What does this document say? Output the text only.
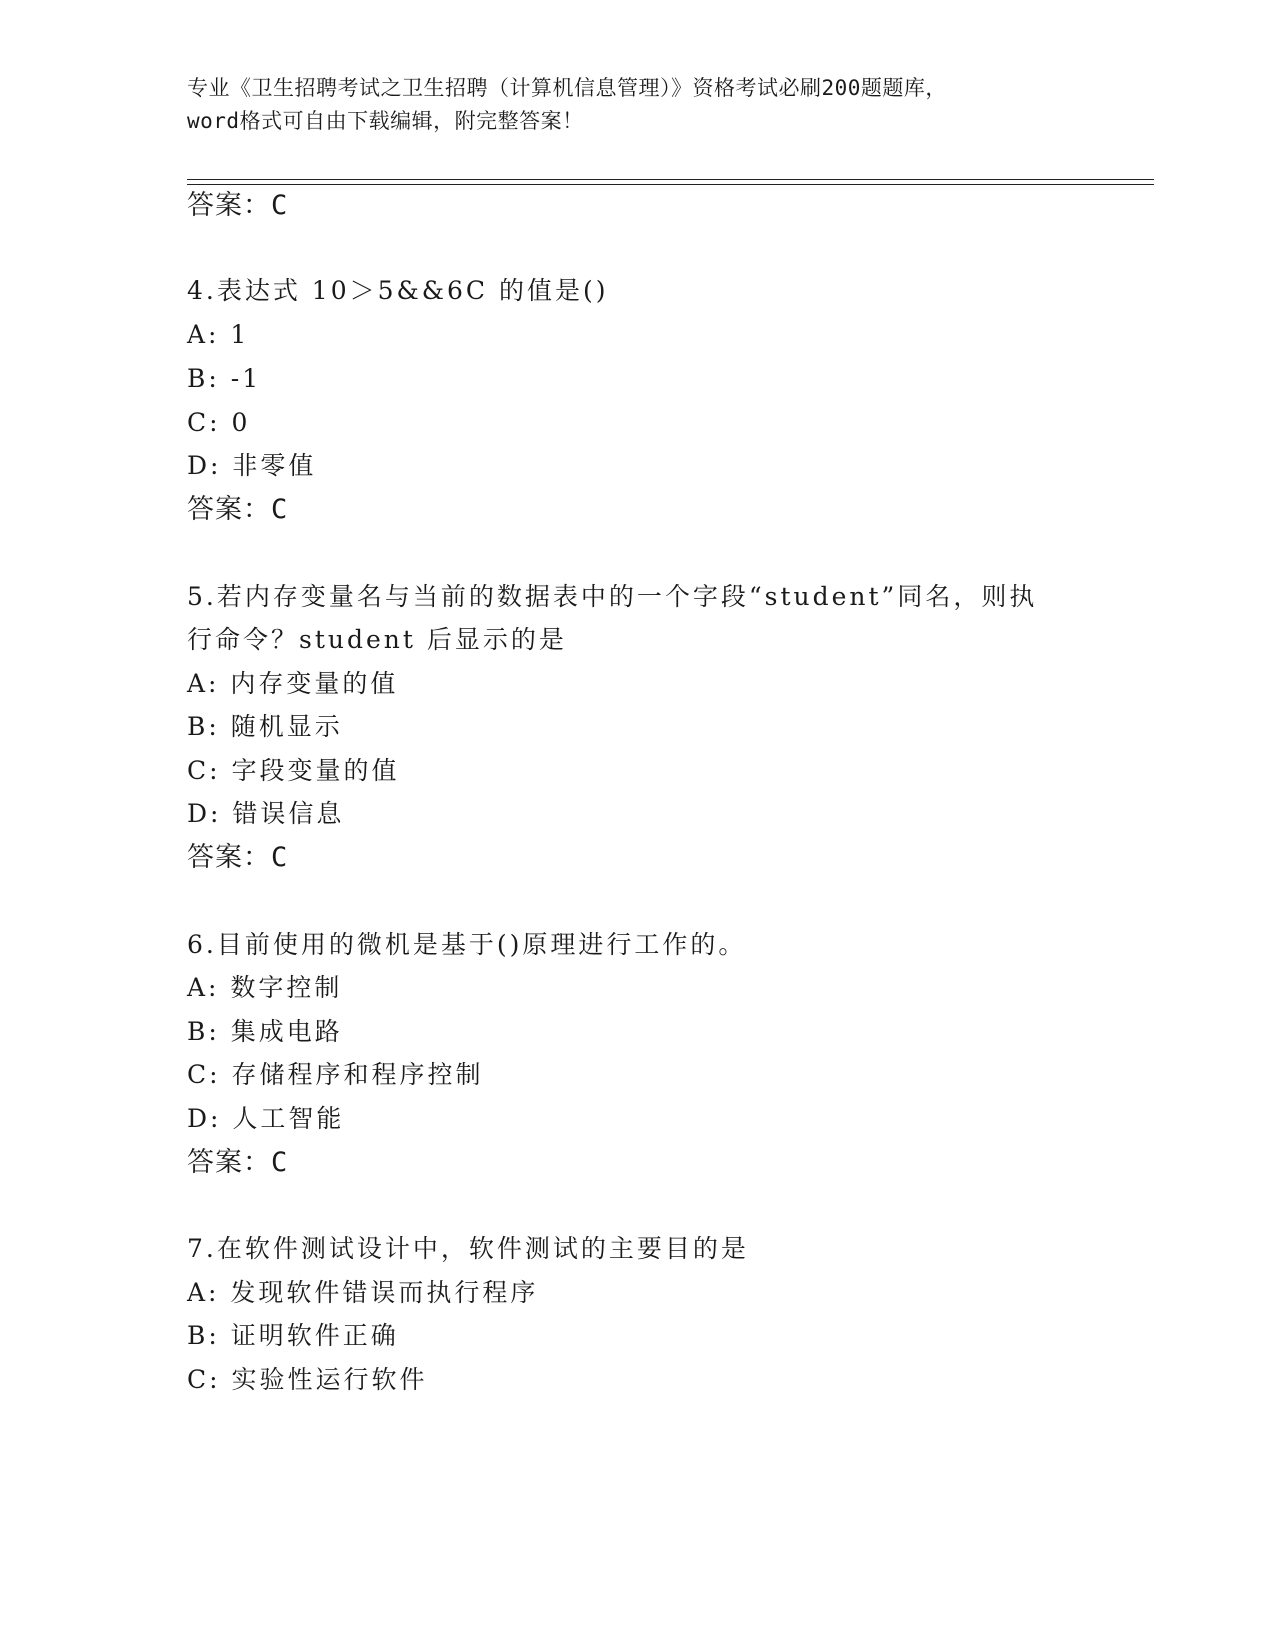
专业《卫生招聘考试之卫生招聘（计算机信息管理）》资格考试必刷200题题库，
word格式可自由下载编辑，附完整答案！
答案：C
4.表达式 10＞5&&6C 的值是()
A: 1
B: -1
C: 0
D: 非零值
答案：C
5.若内存变量名与当前的数据表中的一个字段“student”同名，则执
行命令？student 后显示的是
A: 内存变量的值
B: 随机显示
C: 字段变量的值
D: 错误信息
答案：C
6.目前使用的微机是基于()原理进行工作的。
A: 数字控制
B: 集成电路
C: 存储程序和程序控制
D: 人工智能
答案：C
7.在软件测试设计中，软件测试的主要目的是
A: 发现软件错误而执行程序
B: 证明软件正确
C: 实验性运行软件
